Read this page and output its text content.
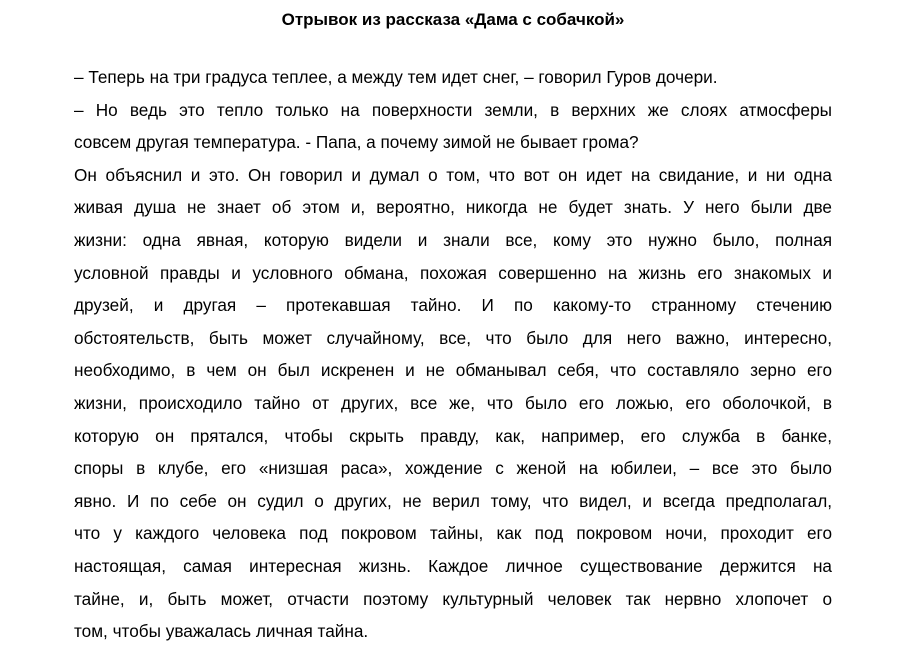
Отрывок из рассказа «Дама с собачкой»
– Теперь на три градуса теплее, а между тем идет снег, – говорил Гуров дочери.
– Но ведь это тепло только на поверхности земли, в верхних же слоях атмосферы
совсем другая температура. - Папа, а почему зимой не бывает грома?
Он объяснил и это. Он говорил и думал о том, что вот он идет на свидание, и ни одна
живая душа не знает об этом и, вероятно, никогда не будет знать. У него были две
жизни: одна явная, которую видели и знали все, кому это нужно было, полная
условной правды и условного обмана, похожая совершенно на жизнь его знакомых и
друзей, и другая – протекавшая тайно. И по какому-то странному стечению
обстоятельств, быть может случайному, все, что было для него важно, интересно,
необходимо, в чем он был искренен и не обманывал себя, что составляло зерно его
жизни, происходило тайно от других, все же, что было его ложью, его оболочкой, в
которую он прятался, чтобы скрыть правду, как, например, его служба в банке,
споры в клубе, его «низшая раса», хождение с женой на юбилеи, – все это было
явно. И по себе он судил о других, не верил тому, что видел, и всегда предполагал,
что у каждого человека под покровом тайны, как под покровом ночи, проходит его
настоящая, самая интересная жизнь. Каждое личное существование держится на
тайне, и, быть может, отчасти поэтому культурный человек так нервно хлопочет о
том, чтобы уважалась личная тайна.
